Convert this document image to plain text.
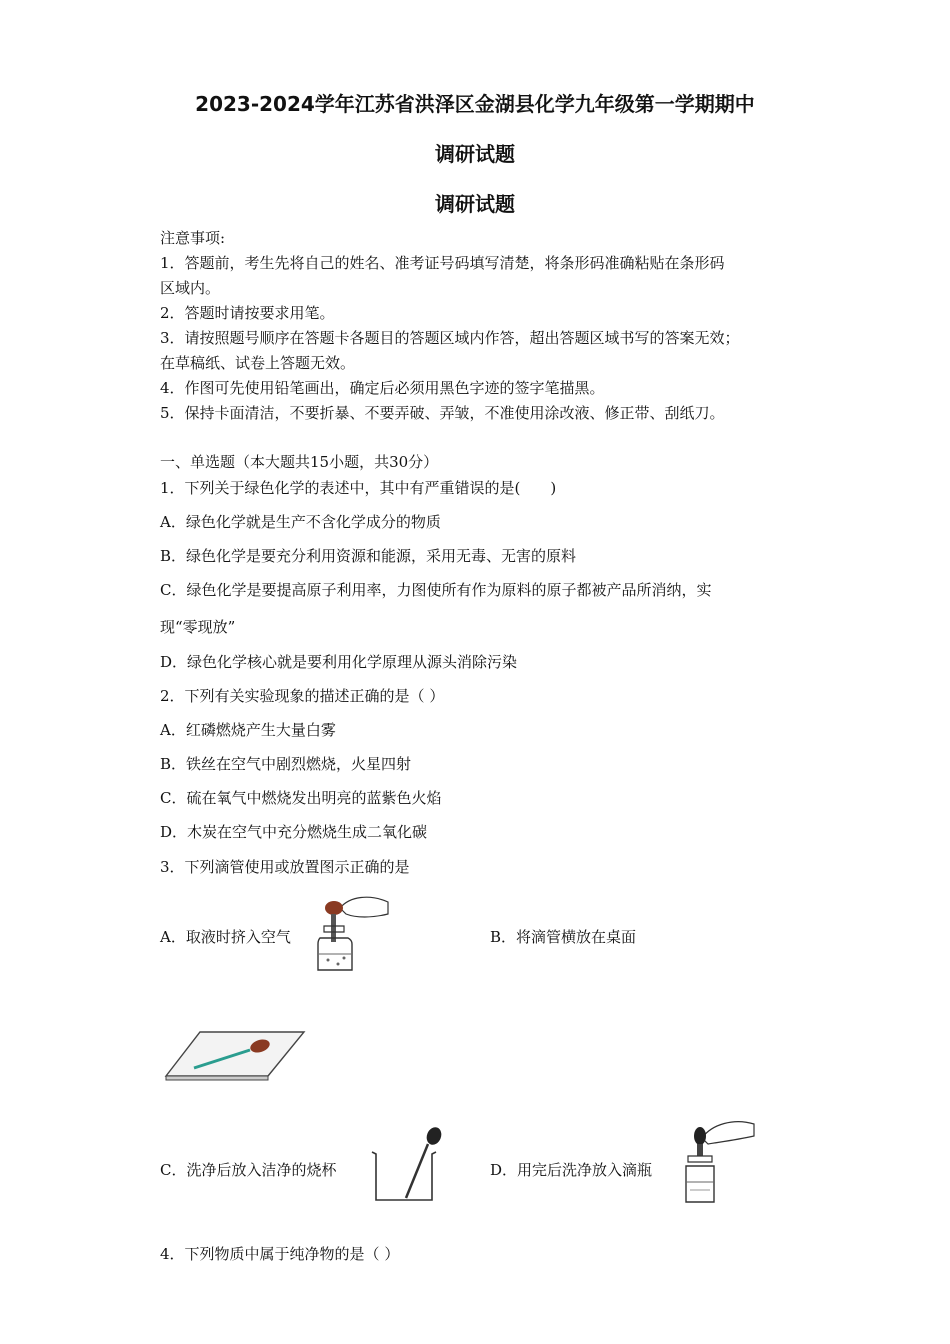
2023-2024学年江苏省洪泽区金湖县化学九年级第一学期期中
调研试题
调研试题
注意事项:
1．答题前，考生先将自己的姓名、准考证号码填写清楚，将条形码准确粘贴在条形码
区域内。
2．答题时请按要求用笔。
3．请按照题号顺序在答题卡各题目的答题区域内作答，超出答题区域书写的答案无效；
在草稿纸、试卷上答题无效。
4．作图可先使用铅笔画出，确定后必须用黑色字迹的签字笔描黑。
5．保持卡面清洁，不要折暴、不要弄破、弄皱，不准使用涂改液、修正带、刮纸刀。
一、单选题（本大题共15小题，共30分）
1．下列关于绿色化学的表述中，其中有严重错误的是(　　)
A．绿色化学就是生产不含化学成分的物质
B．绿色化学是要充分利用资源和能源，采用无毒、无害的原料
C．绿色化学是要提高原子利用率，力图使所有作为原料的原子都被产品所消纳，实
现“零现放”
D．绿色化学核心就是要利用化学原理从源头消除污染
2．下列有关实验现象的描述正确的是（ ）
A．红磷燃烧产生大量白雾
B．铁丝在空气中剧烈燃烧，火星四射
C．硫在氧气中燃烧发出明亮的蓝紫色火焰
D．木炭在空气中充分燃烧生成二氧化碳
3．下列滴管使用或放置图示正确的是
A．取液时挤入空气	B．将滴管横放在桌面
C．洗净后放入洁净的烧杯	D．用完后洗净放入滴瓶
4．下列物质中属于纯净物的是（ ）
